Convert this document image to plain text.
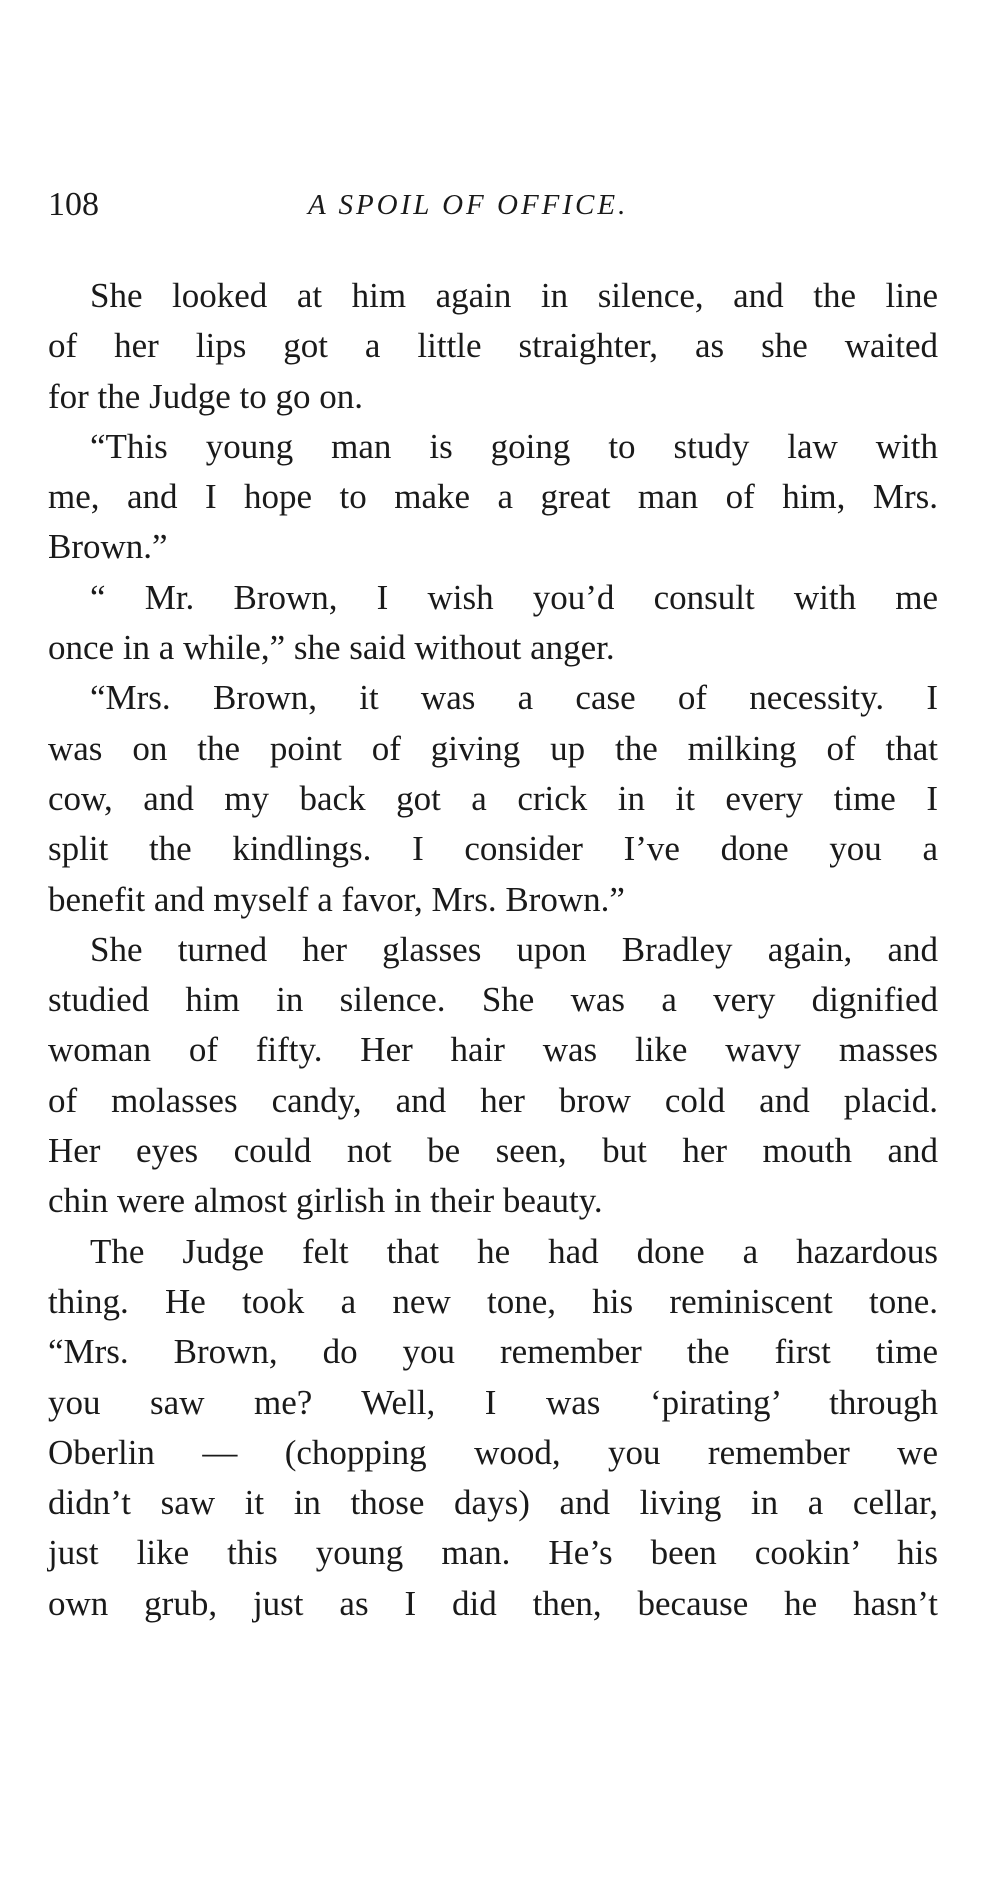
108	A SPOIL OF OFFICE.
She looked at him again in silence, and the line
of her lips got a little straighter, as she waited
for the Judge to go on.
“This young man is going to study law with
me, and I hope to make a great man of him, Mrs.
Brown.”
“ Mr. Brown, I wish you’d consult with me
once in a while,” she said without anger.
“Mrs. Brown, it was a case of necessity. I
was on the point of giving up the milking of that
cow, and my back got a crick in it every time I
split the kindlings. I consider I’ve done you a
benefit and myself a favor, Mrs. Brown.”
She turned her glasses upon Bradley again, and
studied him in silence. She was a very dignified
woman of fifty. Her hair was like wavy masses
of molasses candy, and her brow cold and placid.
Her eyes could not be seen, but her mouth and
chin were almost girlish in their beauty.
The Judge felt that he had done a hazardous
thing. He took a new tone, his reminiscent tone.
“Mrs. Brown, do you remember the first time
you saw me? Well, I was ‘pirating’ through
Oberlin — (chopping wood, you remember we
didn’t saw it in those days) and living in a cellar,
just like this young man. He’s been cookin’ his
own grub, just as I did then, because he hasn’t
